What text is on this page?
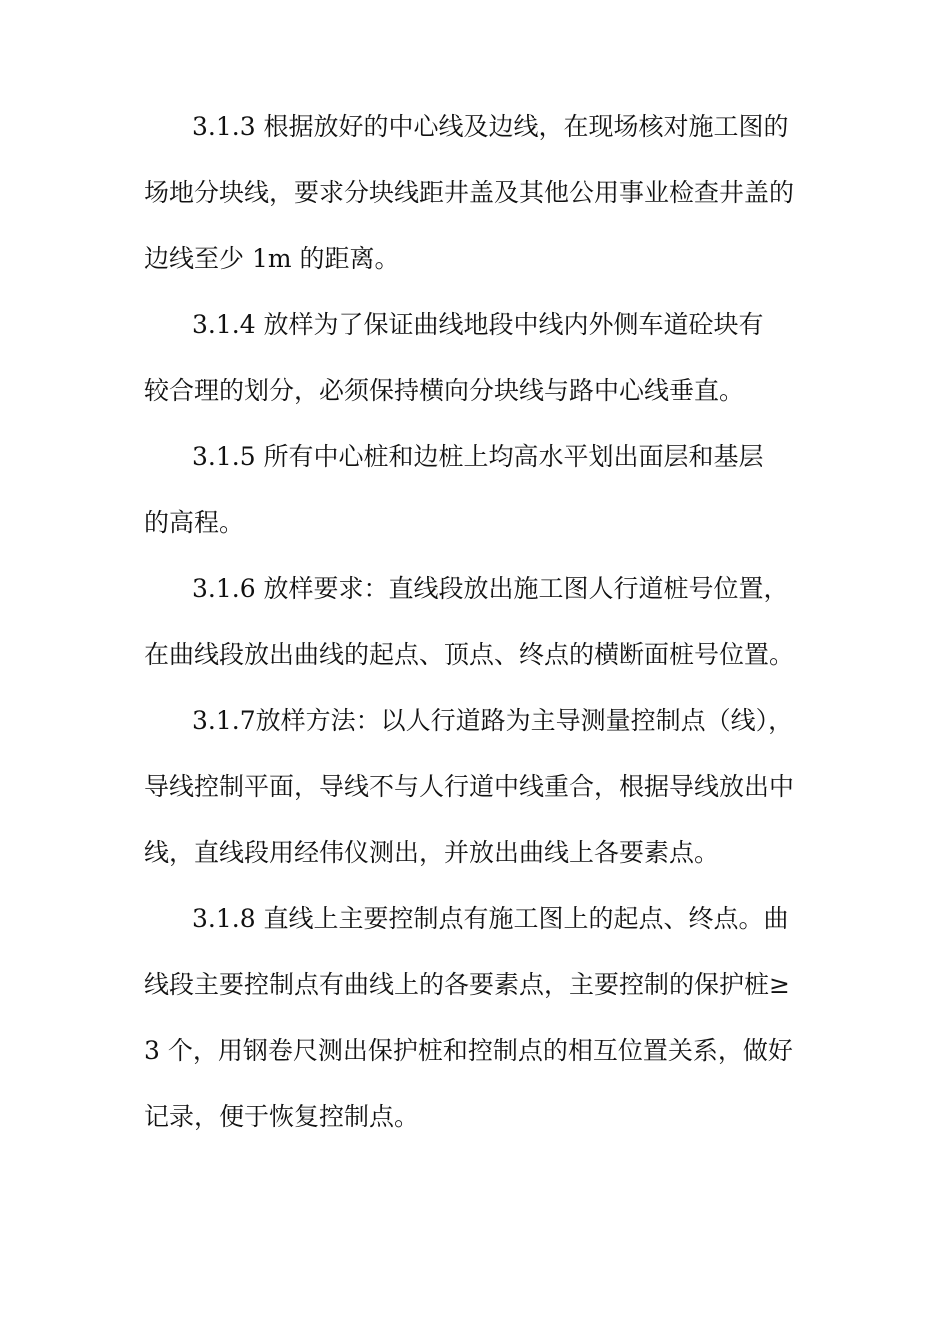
3.1.3 根据放好的中心线及边线，在现场核对施工图的
场地分块线，要求分块线距井盖及其他公用事业检查井盖的
边线至少 1m 的距离。
3.1.4 放样为了保证曲线地段中线内外侧车道砼块有
较合理的划分，必须保持横向分块线与路中心线垂直。
3.1.5 所有中心桩和边桩上均高水平划出面层和基层
的高程。
3.1.6 放样要求：直线段放出施工图人行道桩号位置，
在曲线段放出曲线的起点、顶点、终点的横断面桩号位置。
3.1.7放样方法：以人行道路为主导测量控制点（线），
导线控制平面，导线不与人行道中线重合，根据导线放出中
线，直线段用经伟仪测出，并放出曲线上各要素点。
3.1.8 直线上主要控制点有施工图上的起点、终点。曲
线段主要控制点有曲线上的各要素点，主要控制的保护桩≥
3 个，用钢卷尺测出保护桩和控制点的相互位置关系，做好
记录，便于恢复控制点。
